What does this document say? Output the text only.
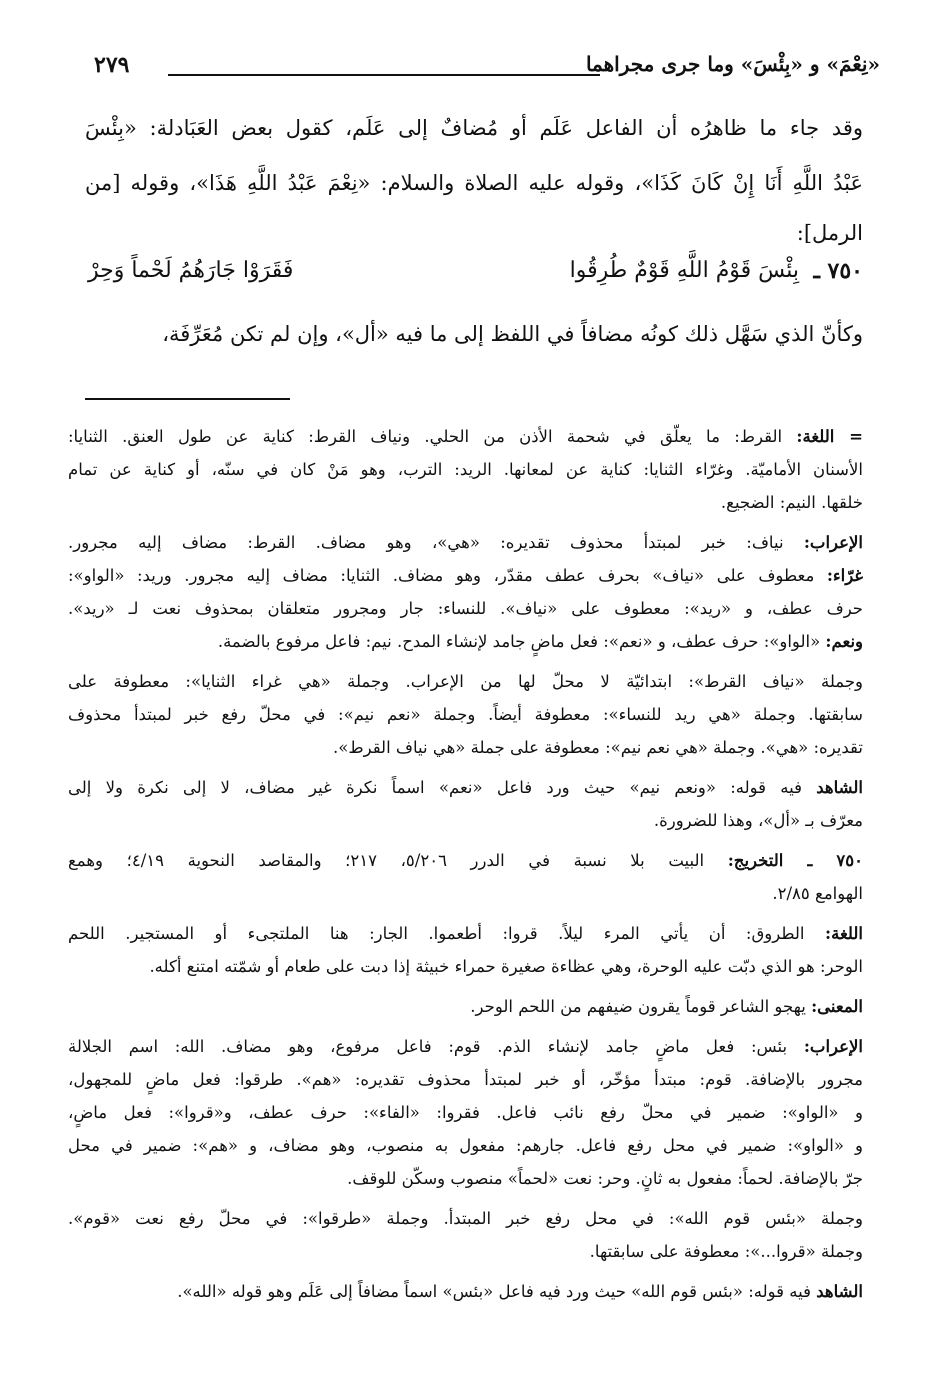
٢٧٩	«نِعْمَ» و «بِئْسَ» وما جرى مجراهما
وقد جاء ما ظاهرُه أن الفاعل عَلَم أو مُضافٌ إلى عَلَم، كقول بعض العَبَادلة: «بِئْسَ
عَبْدُ اللَّهِ أَنَا إِنْ كَانَ كَذَا»، وقوله عليه الصلاة والسلام: «نِعْمَ عَبْدُ اللَّهِ هَذَا»، وقوله [من
الرمل]:
٧٥٠ ـ
بِئْسَ قَوْمُ اللَّهِ قَوْمٌ طُرِقُوا
فَقَرَوْا جَارَهُمُ لَحْماً وَحِرْ
وكأنّ الذي سَهَّل ذلك كونُه مضافاً في اللفظ إلى ما فيه «أل»، وإن لم تكن مُعَرِّفَة،
= اللغة: القرط: ما يعلّق في شحمة الأذن من الحلي. ونياف القرط: كناية عن طول العنق. الثنايا:
الأسنان الأماميّة. وغرّاء الثنايا: كناية عن لمعانها. الريد: الترب، وهو مَنْ كان في سنّه، أو كناية عن تمام
خلقها. النيم: الضجيع.
الإعراب: نياف: خبر لمبتدأ محذوف تقديره: «هي»، وهو مضاف. القرط: مضاف إليه مجرور.
غرّاء: معطوف على «نياف» بحرف عطف مقدّر، وهو مضاف. الثنايا: مضاف إليه مجرور. وريد: «الواو»:
حرف عطف، و «ريد»: معطوف على «نياف». للنساء: جار ومجرور متعلقان بمحذوف نعت لـ «ريد».
ونعم: «الواو»: حرف عطف، و «نعم»: فعل ماضٍ جامد لإنشاء المدح. نيم: فاعل مرفوع بالضمة.
وجملة «نياف القرط»: ابتدائيّة لا محلّ لها من الإعراب. وجملة «هي غراء الثنايا»: معطوفة على
سابقتها. وجملة «هي ريد للنساء»: معطوفة أيضاً. وجملة «نعم نيم»: في محلّ رفع خبر لمبتدأ محذوف
تقديره: «هي». وجملة «هي نعم نيم»: معطوفة على جملة «هي نياف القرط».
الشاهد فيه قوله: «ونعم نيم» حيث ورد فاعل «نعم» اسماً نكرة غير مضاف، لا إلى نكرة ولا إلى
معرّف بـ «أل»، وهذا للضرورة.
٧٥٠ ـ التخريج: البيت بلا نسبة في الدرر ٥/٢٠٦، ٢١٧؛ والمقاصد النحوية ٤/١٩؛ وهمع
الهوامع ٢/٨٥.
اللغة: الطروق: أن يأتي المرء ليلاً. قروا: أطعموا. الجار: هنا الملتجىء أو المستجير. اللحم
الوحر: هو الذي دبّت عليه الوحرة، وهي عظاءة صغيرة حمراء خبيثة إذا دبت على طعام أو شمّته امتنع أكله.
المعنى: يهجو الشاعر قوماً يقرون ضيفهم من اللحم الوحر.
الإعراب: بئس: فعل ماضٍ جامد لإنشاء الذم. قوم: فاعل مرفوع، وهو مضاف. الله: اسم الجلالة
مجرور بالإضافة. قوم: مبتدأ مؤخّر، أو خبر لمبتدأ محذوف تقديره: «هم». طرقوا: فعل ماضٍ للمجهول،
و «الواو»: ضمير في محلّ رفع نائب فاعل. فقروا: «الفاء»: حرف عطف، و«قروا»: فعل ماضٍ،
و «الواو»: ضمير في محل رفع فاعل. جارهم: مفعول به منصوب، وهو مضاف، و «هم»: ضمير في محل
جرّ بالإضافة. لحماً: مفعول به ثانٍ. وحر: نعت «لحماً» منصوب وسكّن للوقف.
وجملة «بئس قوم الله»: في محل رفع خبر المبتدأ. وجملة «طرقوا»: في محلّ رفع نعت «قوم».
وجملة «قروا...»: معطوفة على سابقتها.
الشاهد فيه قوله: «بئس قوم الله» حيث ورد فيه فاعل «بئس» اسماً مضافاً إلى عَلَم وهو قوله «الله».
